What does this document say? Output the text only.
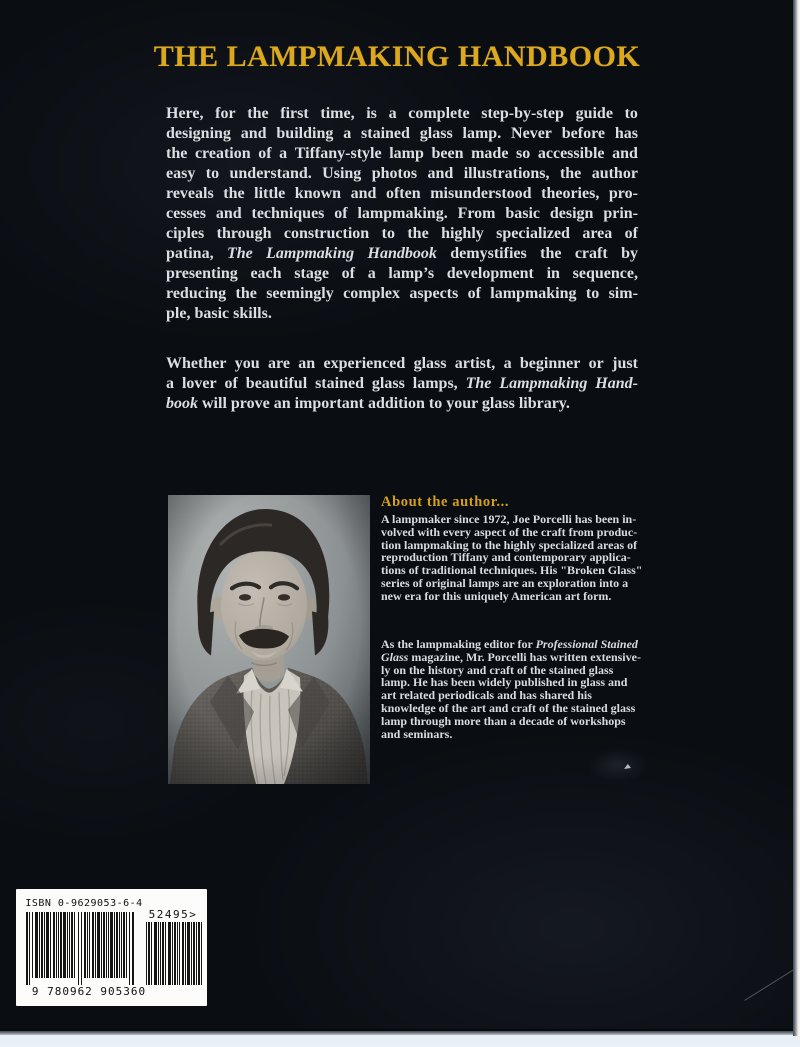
THE LAMPMAKING HANDBOOK
Here, for the first time, is a complete step-by-step guide to
designing and building a stained glass lamp. Never before has
the creation of a Tiffany-style lamp been made so accessible and
easy to understand. Using photos and illustrations, the author
reveals the little known and often misunderstood theories, pro-
cesses and techniques of lampmaking. From basic design prin-
ciples through construction to the highly specialized area of
patina, The Lampmaking Handbook demystifies the craft by
presenting each stage of a lamp’s development in sequence,
reducing the seemingly complex aspects of lampmaking to sim-
ple, basic skills.
Whether you are an experienced glass artist, a beginner or just
a lover of beautiful stained glass lamps, The Lampmaking Hand-
book will prove an important addition to your glass library.
About the author...
A lampmaker since 1972, Joe Porcelli has been in-
volved with every aspect of the craft from produc-
tion lampmaking to the highly specialized areas of
reproduction Tiffany and contemporary applica-
tions of traditional techniques. His "Broken Glass"
series of original lamps are an exploration into a
new era for this uniquely American art form.
As the lampmaking editor for Professional Stained
Glass magazine, Mr. Porcelli has written extensive-
ly on the history and craft of the stained glass
lamp. He has been widely published in glass and
art related periodicals and has shared his
knowledge of the art and craft of the stained glass
lamp through more than a decade of workshops
and seminars.
ISBN 0-9629053-6-4
9 780962 905360
52495>
